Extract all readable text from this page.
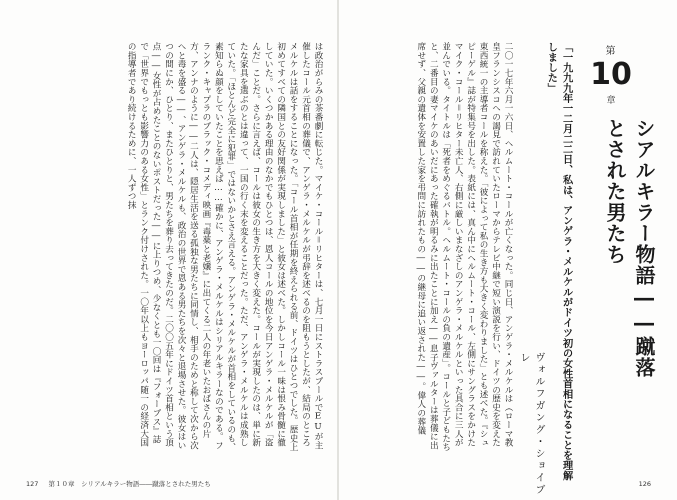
第
10
章
シアルキラー物語――蹴落とされた男たち
「一九九九年一二月二二日、私は、アンゲラ・メルケルがドイツ初の女性首相になることを理解しました」
ヴォルフガング・ショイブレ
二〇一七年六月一六日、ヘルムート・コールが亡くなった。同じ日、アンゲラ・メルケルは（ローマ教皇フランシスコへの謁見で訪れていたローマからテレビ中継で短い演説を行い、ドイツの歴史を変えた東西統一の主導者コールを称えた。「彼によって私の生き方も大きく変わりました」とも述べた。『シュピーゲル』誌が特集号を出した。表紙には、真ん中にヘルムート・コール、左側にサングラスをかけたマイク・コール＝リヒター未亡人、右側に厳しいまなざしのアンゲラ・メルケルといった具合に三人が並んでいる。タイトルは「死者をめぐるバトル。ヘルムート・コールの負の遺産」。コールと子どもたちと、二番目の妻マイケのあいだにあった確執が明るみに出たことに加え――息子ヴァルターは葬儀に出席せず、父親の遺体を安置した家を弔問に訪れたもの――の継母に追い返された――。偉人の葬儀
は政治がらみの茶番劇に転じた。マイケ・コール＝リヒターは、七月一日にストラスブールでEUが主催したコール元首相の葬儀で、アンゲラ・メルケルが弔辞を述べるのを阻もうとしたが、結局のところメルケルは話をすることになった。「コール首相が任期を終えられる前、ドイツはひとつでした。歴史上初めてすべての隣国との友好関係が実現しました」と彼女は述べた。しかしコール一味は恨み骨髄に徹していた。いくつかある理由のなかでもひとつは、恩人コールの地位を今日アンゲラ・メルケルが「盗んだ」ことだ。さらに言えば、コールは彼女の生き方を大きく変えた。コールが実現したのは、単に新たな家具を選ぶのとは違って、一国の行く末を変えることだった。ただ、アンゲラ・メルケルは成熟していた。「ほとんど完全に犯罪」ではないかとさえ言える。アンゲラ・メルケルが首相をしているのも、素知らぬ顔をしていたことを思えば……確かに、アンゲラ・メルケルはシリアルキラーなのである。フランク・キャプラのブラック・コメディ映画『毒薬と老嬢』に出てくる二人の年老いたおばさんの片方、アンナのように――二人は、隠居生活を送る孤独な男たちに同情し、相手のためと称して次から次へと毒を盛る――、アンゲラ・メルケルも、政治の世界で恩ある男たちを次々と退場させた。彼女はいつの間にか、ひとり、またひとりと、男たちを葬り去ってきたのだ。二〇〇五年にドイツ首相という頂点――女性が占めたことのないポストだった――に上りつめ、少なくとも一〇回は『フォーブス』誌で「世界でもっとも影響力のある女性」とランク付けされた。一〇年以上もヨーロッパ随一の経済大国の指導者であり続けるために、一人ずつ抹
127 第１０章　シリアルキラー物語――蹴落とされた男たち	126
